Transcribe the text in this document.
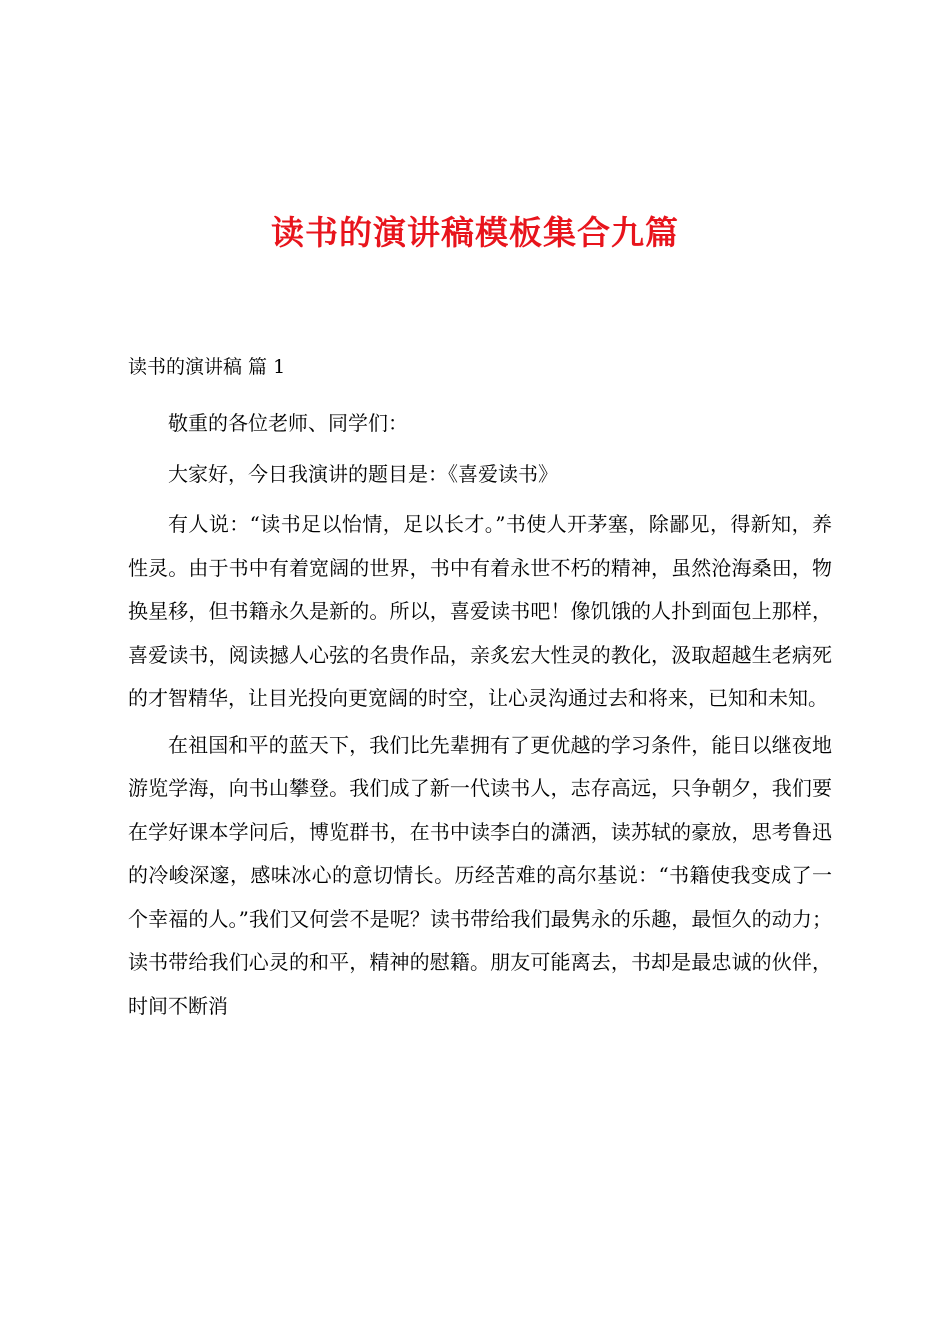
读书的演讲稿模板集合九篇
读书的演讲稿 篇 1

敬重的各位老师、同学们：

大家好，今日我演讲的题目是：《喜爱读书》

有人说：“读书足以怡情，足以长才。”书使人开茅塞，除鄙见，得新知，养性灵。由于书中有着宽阔的世界，书中有着永世不朽的精神，虽然沧海桑田，物换星移，但书籍永久是新的。所以，喜爱读书吧！像饥饿的人扑到面包上那样，喜爱读书，阅读撼人心弦的名贵作品，亲炙宏大性灵的教化，汲取超越生老病死的才智精华，让目光投向更宽阔的时空，让心灵沟通过去和将来，已知和未知。

在祖国和平的蓝天下，我们比先辈拥有了更优越的学习条件，能日以继夜地游览学海，向书山攀登。我们成了新一代读书人，志存高远，只争朝夕，我们要在学好课本学问后，博览群书，在书中读李白的潇洒，读苏轼的豪放，思考鲁迅的冷峻深邃，感味冰心的意切情长。历经苦难的高尔基说：“书籍使我变成了一个幸福的人。”我们又何尝不是呢？读书带给我们最隽永的乐趣，最恒久的动力；读书带给我们心灵的和平，精神的慰籍。朋友可能离去，书却是最忠诚的伙伴，时间不断消
